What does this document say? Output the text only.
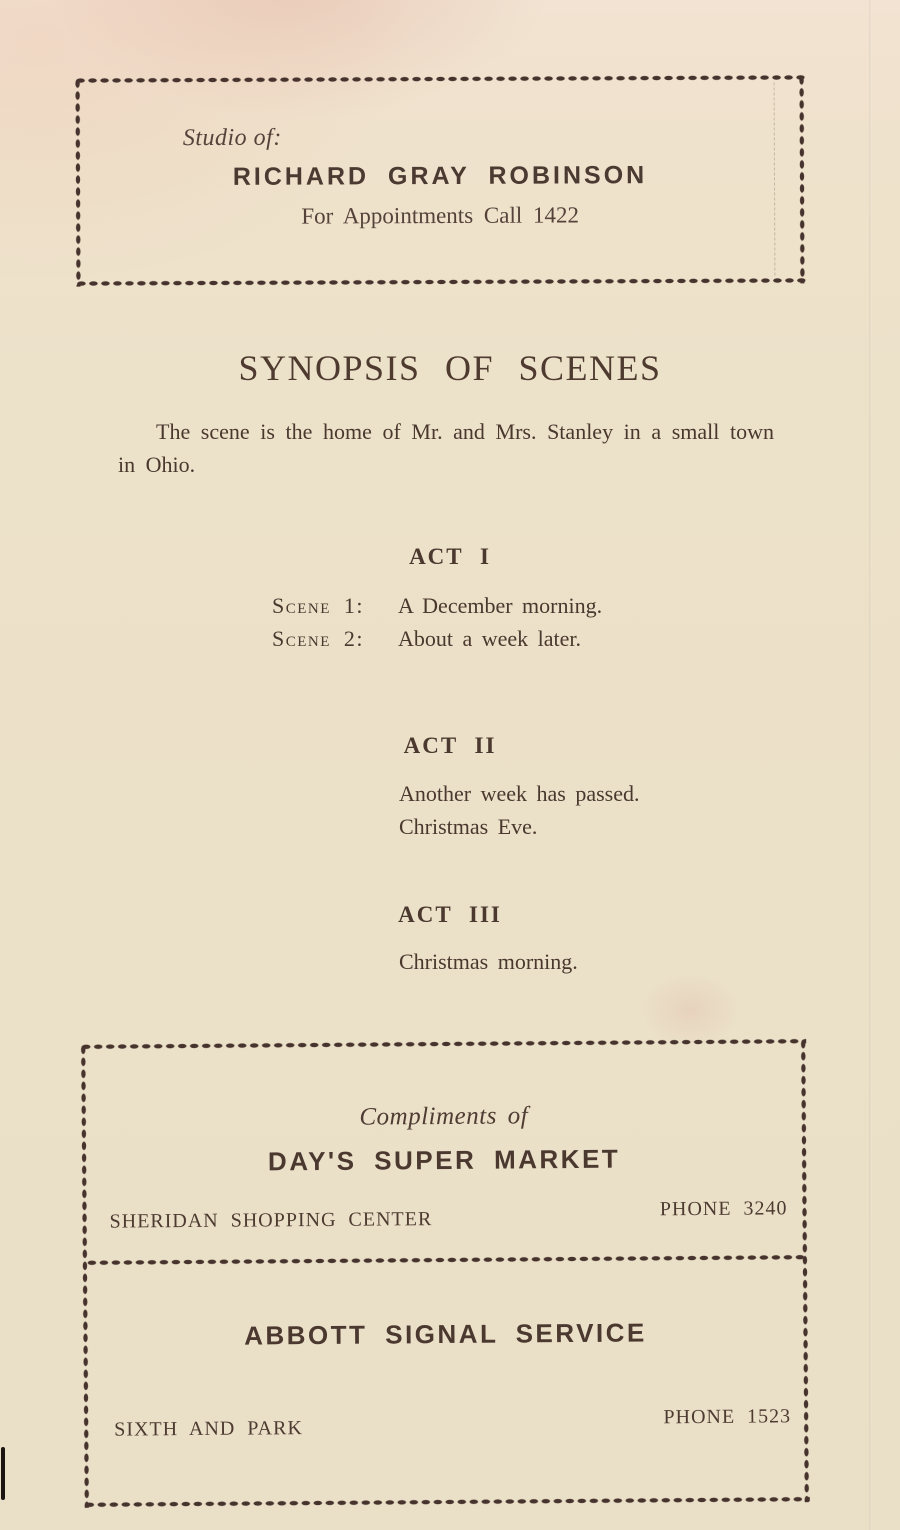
Studio of:
RICHARD GRAY ROBINSON
For Appointments Call 1422
SYNOPSIS OF SCENES

The scene is the home of Mr. and Mrs. Stanley in a small town in Ohio.

ACT I
Scene 1:	A December morning.
Scene 2:	About a week later.
ACT II
Another week has passed.
Christmas Eve.
ACT III
Christmas morning.
Compliments of
DAY'S SUPER MARKET
SHERIDAN SHOPPING CENTER	PHONE 3240
ABBOTT SIGNAL SERVICE
SIXTH AND PARK
PHONE 1523
